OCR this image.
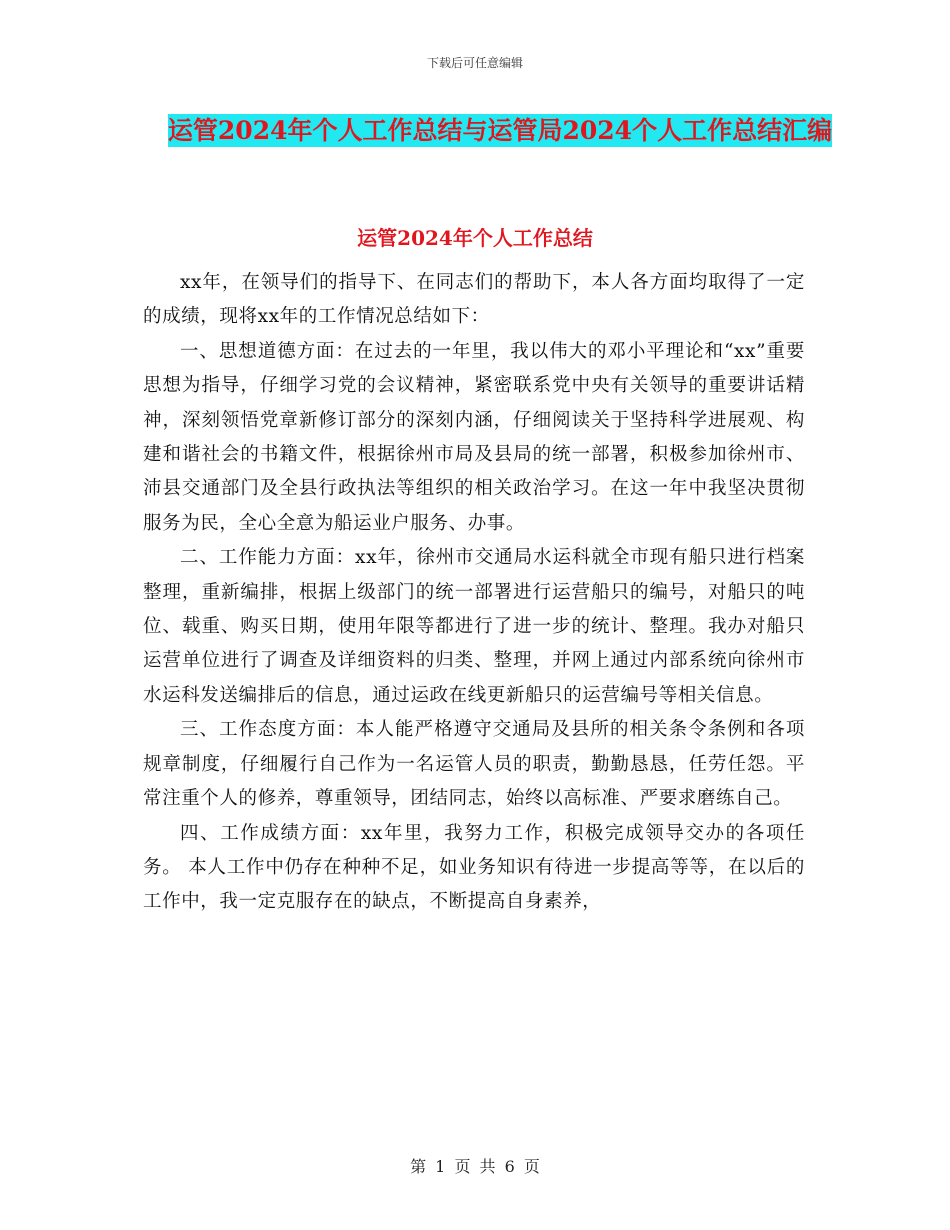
下载后可任意编辑
运管2024年个人工作总结与运管局2024个人工作总结汇编
运管2024年个人工作总结

xx年，在领导们的指导下、在同志们的帮助下，本人各方面均取得了一定的成绩，现将xx年的工作情况总结如下：

一、思想道德方面：在过去的一年里，我以伟大的邓小平理论和“xx”重要思想为指导，仔细学习党的会议精神，紧密联系党中央有关领导的重要讲话精神，深刻领悟党章新修订部分的深刻内涵，仔细阅读关于坚持科学进展观、构建和谐社会的书籍文件，根据徐州市局及县局的统一部署，积极参加徐州市、沛县交通部门及全县行政执法等组织的相关政治学习。在这一年中我坚决贯彻服务为民，全心全意为船运业户服务、办事。

二、工作能力方面：xx年，徐州市交通局水运科就全市现有船只进行档案整理，重新编排，根据上级部门的统一部署进行运营船只的编号，对船只的吨位、载重、购买日期，使用年限等都进行了进一步的统计、整理。我办对船只运营单位进行了调查及详细资料的归类、整理，并网上通过内部系统向徐州市水运科发送编排后的信息，通过运政在线更新船只的运营编号等相关信息。

三、工作态度方面：本人能严格遵守交通局及县所的相关条令条例和各项规章制度，仔细履行自己作为一名运管人员的职责，勤勤恳恳，任劳任怨。平常注重个人的修养，尊重领导，团结同志，始终以高标准、严要求磨练自己。

四、工作成绩方面：xx年里，我努力工作，积极完成领导交办的各项任务。 本人工作中仍存在种种不足，如业务知识有待进一步提高等等，在以后的工作中，我一定克服存在的缺点，不断提高自身素养，

第 1 页 共 6 页
